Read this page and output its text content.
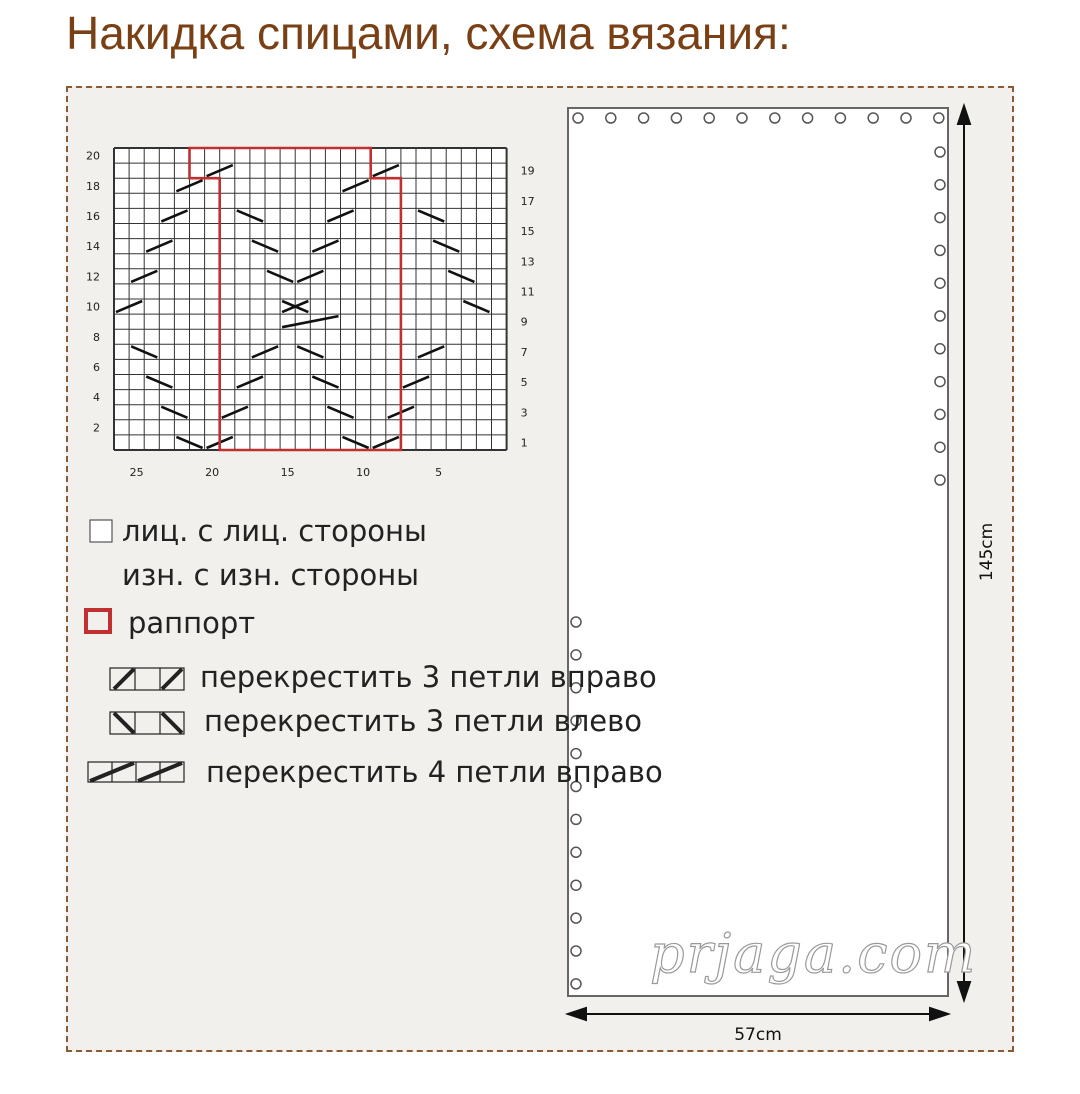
Накидка спицами, схема вязания:
2
4
6
8
10
12
14
16
18
20
1
3
5
7
9
11
13
15
17
19
25	20	15	10	5
145cm
57cm
лиц. с лиц. стороны
изн. с изн. стороны
раппорт
перекрестить 3 петли вправо
перекрестить 3 петли влево
перекрестить 4 петли вправо
prjaga.com
